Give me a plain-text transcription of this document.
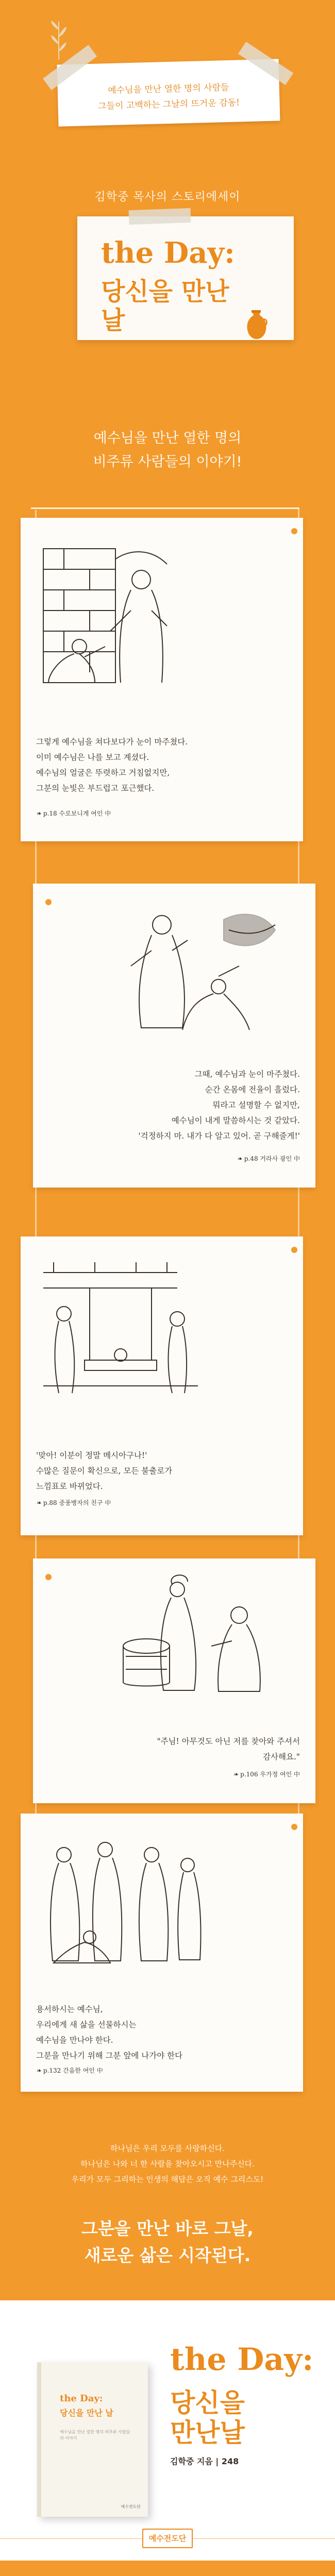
예수님을 만난 열한 명의 사람들
그들이 고백하는 그날의 뜨거운 감동!
김학중 목사의 스토리에세이
the Day:
당신을 만난 날
예수님을 만난 열한 명의
비주류 사람들의 이야기!
그렇게 예수님을 쳐다보다가 눈이 마주쳤다.
이미 예수님은 나를 보고 계셨다.
예수님의 얼굴은 뚜렷하고 거침없지만,
그분의 눈빛은 부드럽고 포근했다.
❧ p.18 수로보니게 여인 中
그때, 예수님과 눈이 마주쳤다.
순간 온몸에 전율이 흘렀다.
뭐라고 설명할 수 없지만,
예수님이 내게 말씀하시는 것 같았다.
'걱정하지 마. 내가 다 알고 있어. 곧 구해줄게!'
❧ p.48 거라사 광인 中
'맞아! 이분이 정말 메시아구나!'
수많은 질문이 확신으로, 모든 불출로가
느낌표로 바뀌었다.
❧ p.88 중풍병자의 친구 中
"주님! 아무것도 아닌 저를 찾아와 주셔서
감사해요."
❧ p.106 우가정 여인 中
용서하시는 예수님,
우리에게 새 삶을 선물하시는
예수님을 만나야 한다.
그분을 만나기 위해 그분 앞에 나가야 한다
❧ p.132 간음한 여인 中
하나님은 우리 모두를 사랑하신다.
하나님은 나와 너 한 사람을 찾아오시고 만나주신다.
우리가 모두 그리하는 인생의 해답은 오직 예수 그리스도!
그분을 만난 바로 그날,
새로운 삶은 시작된다.
the Day:
당신을 만난 날
예수님을 만난 열한 명의 비주류 사람들의 이야기
예수전도단
the Day:
당신을
만난날
김학중 지음 | 248
예수전도단
